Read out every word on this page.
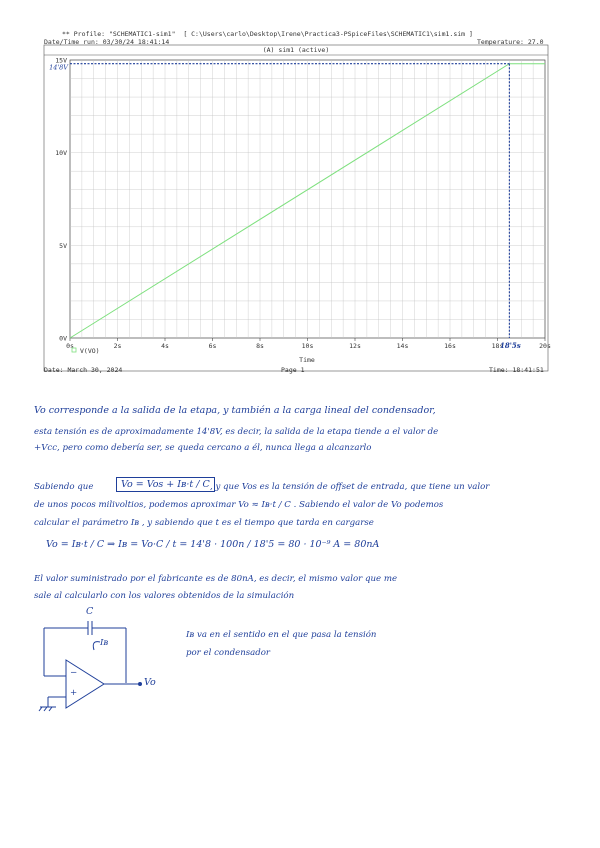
** Profile: "SCHEMATIC1-sim1"  [ C:\Users\carlo\Desktop\Irene\Practica3-PSpiceFiles\SCHEMATIC1\sim1.sim ]
Date/Time run: 03/30/24 18:41:14	Temperature: 27.0
(A) sim1 (active)
0s	2s	4s	6s	8s	10s	12s	14s	16s	18s	20s
0V
5V
10V
15V
14'8V
18'5s
Time
V(VO)
Date: March 30, 2024	Page 1	Time: 18:41:51
Vo corresponde a la salida de la etapa, y también a la carga lineal del condensador,
esta tensión es de aproximadamente 14'8V, es decir, la salida de la etapa tiende a el valor de
+Vcc, pero como debería ser, se queda cercano a él, nunca llega a alcanzarlo
Sabiendo que	Vo = Vos + Iʙ·t / C , y que Vos es la tensión de offset de entrada, que tiene un valor
de unos pocos milivoltios, podemos aproximar Vo ≈ Iʙ·t / C . Sabiendo el valor de Vo podemos
calcular el parámetro Iʙ , y sabiendo que t es el tiempo que tarda en cargarse
Vo = Iʙ·t / C ⇒ Iʙ = Vo·C / t = 14'8 · 100n / 18'5 = 80 · 10⁻⁹ A = 80nA
El valor suministrado por el fabricante es de 80nA, es decir, el mismo valor que me
sale al calcularlo con los valores obtenidos de la simulación
C
Iʙ
−
+
Vo
Iʙ va en el sentido en el que pasa la tensión
por el condensador
